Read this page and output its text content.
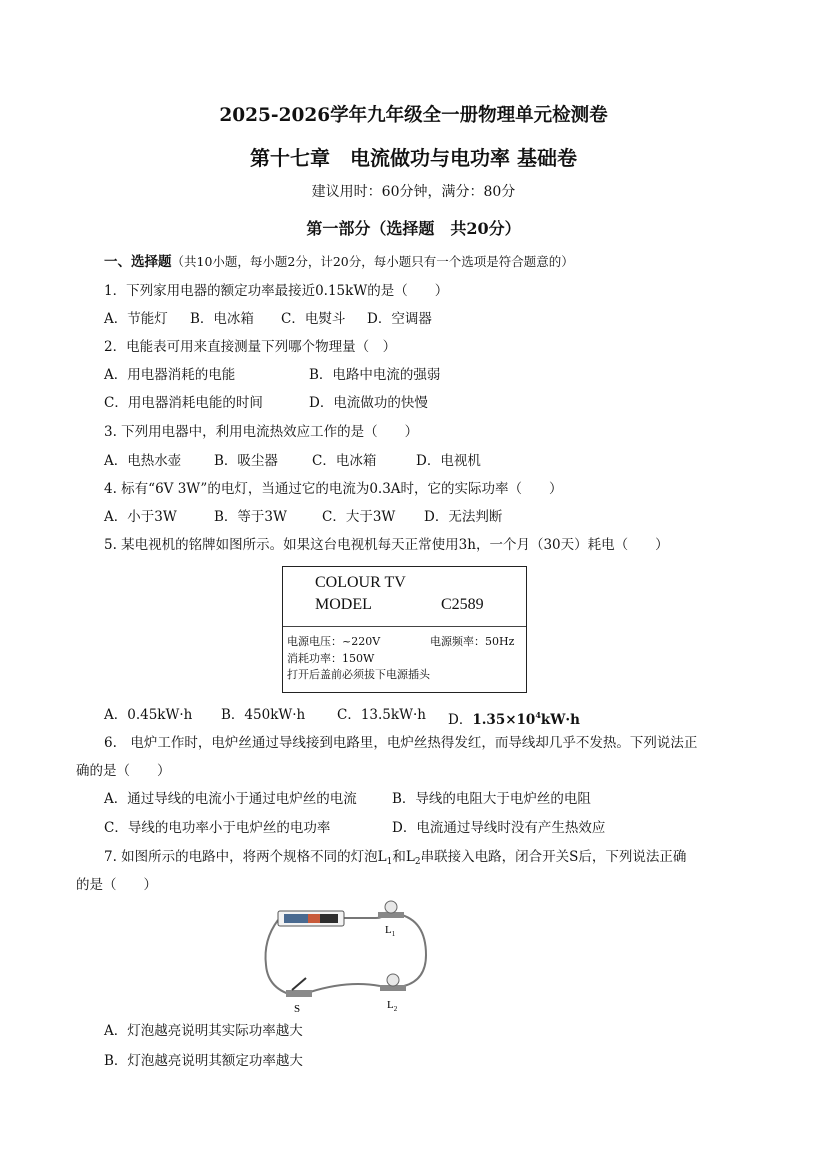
2025-2026学年九年级全一册物理单元检测卷
第十七章　电流做功与电功率 基础卷
建议用时：60分钟，满分：80分
第一部分（选择题　共20分）
一、选择题（共10小题，每小题2分，计20分，每小题只有一个选项是符合题意的）
1．下列家用电器的额定功率最接近0.15kW的是（　　）
A．节能灯 B．电冰箱 C．电熨斗 D．空调器
2．电能表可用来直接测量下列哪个物理量（　）
A．用电器消耗的电能	B．电路中电流的强弱
C．用电器消耗电能的时间	D．电流做功的快慢
3. 下列用电器中，利用电流热效应工作的是（　　）
A．电热水壶 B．吸尘器	C．电冰箱	D．电视机
4. 标有“6V 3W”的电灯，当通过它的电流为0.3A时，它的实际功率（　　）
A．小于3W	B．等于3W	C．大于3W D．无法判断
5. 某电视机的铭牌如图所示。如果这台电视机每天正常使用3h，一个月（30天）耗电（　　）
COLOUR TV
MODEL	C2589
电源电压：~220V	电源频率：50Hz
消耗功率：150W
打开后盖前必须拔下电源插头
A．0.45kW·h B．450kW·h C．13.5kW·h D．$1.35\times 10^4kW\cdot h$
6.　电炉工作时，电炉丝通过导线接到电路里，电炉丝热得发红，而导线却几乎不发热。下列说法正
确的是（　　）
A．通过导线的电流小于通过电炉丝的电流	B．导线的电阻大于电炉丝的电阻
C．导线的电功率小于电炉丝的电功率	D．电流通过导线时没有产生热效应
7. 如图所示的电路中，将两个规格不同的灯泡$L_1$和$L_2$串联接入电路，闭合开关S后，下列说法正确
的是（　　）
$L_1$
S	$L_2$
A．灯泡越亮说明其实际功率越大
B．灯泡越亮说明其额定功率越大
